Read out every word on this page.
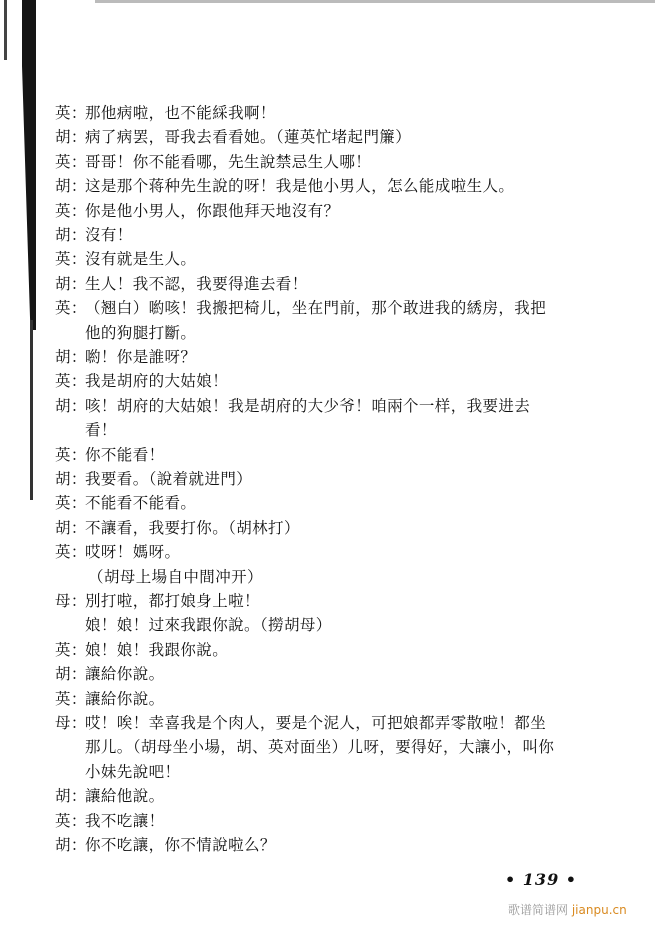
英：那他病啦，也不能綵我啊！
胡：病了病罢，哥我去看看她。（蓮英忙堵起門簾）
英：哥哥！你不能看哪，先生說禁忌生人哪！
胡：这是那个蒋种先生說的呀！我是他小男人，怎么能成啦生人。
英：你是他小男人，你跟他拜天地沒有？
胡：沒有！
英：沒有就是生人。
胡：生人！我不認，我要得進去看！
英：（翘白）喲咳！我搬把椅儿，坐在門前，那个敢进我的綉房，我把
他的狗腿打斷。
胡：喲！你是誰呀？
英：我是胡府的大姑娘！
胡：咳！胡府的大姑娘！我是胡府的大少爷！咱兩个一样，我要进去
看！
英：你不能看！
胡：我要看。（說着就进門）
英：不能看不能看。
胡：不讓看，我要打你。（胡林打）
英：哎呀！媽呀。
（胡母上場自中間冲开）
母：別打啦，都打娘身上啦！
娘！娘！过來我跟你說。（撈胡母）
英：娘！娘！我跟你說。
胡：讓給你說。
英：讓給你說。
母：哎！唉！幸喜我是个肉人，要是个泥人，可把娘都弄零散啦！都坐
那儿。（胡母坐小場，胡、英对面坐）儿呀，要得好，大讓小，叫你
小妹先說吧！
胡：讓給他說。
英：我不吃讓！
胡：你不吃讓，你不情說啦么？
• 139 •
歌谱简谱网 jianpu.cn
